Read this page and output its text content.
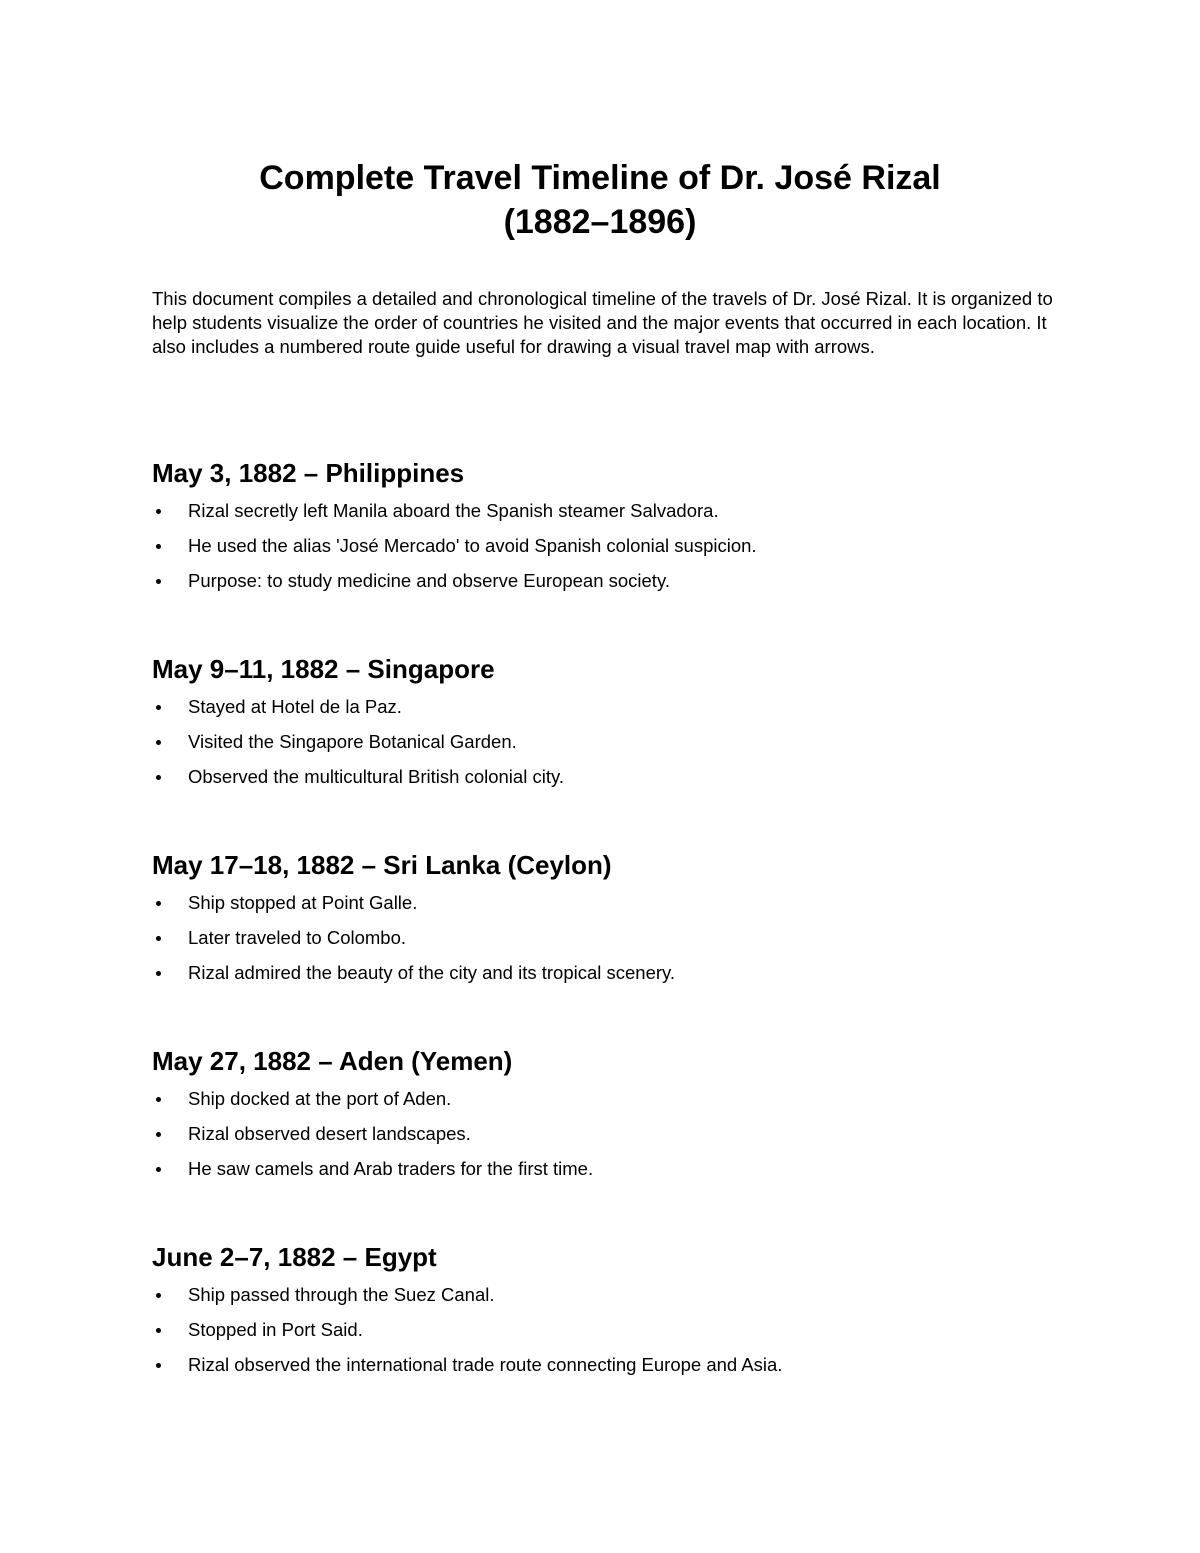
Complete Travel Timeline of Dr. José Rizal
(1882–1896)

This document compiles a detailed and chronological timeline of the travels of Dr. José Rizal. It is organized to help students visualize the order of countries he visited and the major events that occurred in each location. It also includes a numbered route guide useful for drawing a visual travel map with arrows.

May 3, 1882 – Philippines
Rizal secretly left Manila aboard the Spanish steamer Salvadora.
He used the alias 'José Mercado' to avoid Spanish colonial suspicion.
Purpose: to study medicine and observe European society.
May 9–11, 1882 – Singapore
Stayed at Hotel de la Paz.
Visited the Singapore Botanical Garden.
Observed the multicultural British colonial city.
May 17–18, 1882 – Sri Lanka (Ceylon)
Ship stopped at Point Galle.
Later traveled to Colombo.
Rizal admired the beauty of the city and its tropical scenery.
May 27, 1882 – Aden (Yemen)
Ship docked at the port of Aden.
Rizal observed desert landscapes.
He saw camels and Arab traders for the first time.
June 2–7, 1882 – Egypt
Ship passed through the Suez Canal.
Stopped in Port Said.
Rizal observed the international trade route connecting Europe and Asia.
